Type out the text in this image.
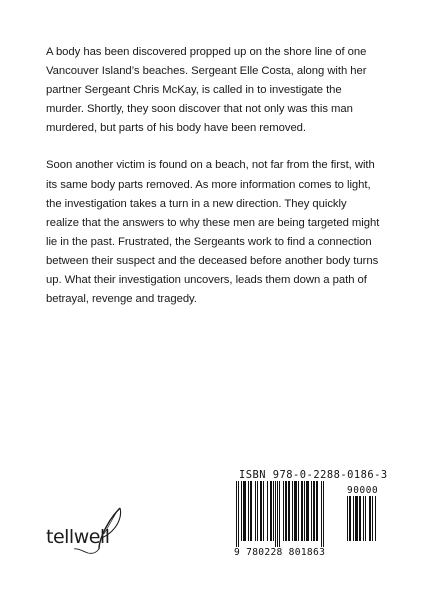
A body has been discovered propped up on the shore line of one Vancouver Island’s beaches. Sergeant Elle Costa, along with her partner Sergeant Chris McKay, is called in to investigate the murder. Shortly, they soon discover that not only was this man murdered, but parts of his body have been removed.

Soon another victim is found on a beach, not far from the first, with its same body parts removed. As more information comes to light, the investigation takes a turn in a new direction. They quickly realize that the answers to why these men are being targeted might lie in the past. Frustrated, the Sergeants work to find a connection between their suspect and the deceased before another body turns up. What their investigation uncovers, leads them down a path of betrayal, revenge and tragedy.

tellwell
ISBN 978-0-2288-0186-3
90000
9 780228 801863
